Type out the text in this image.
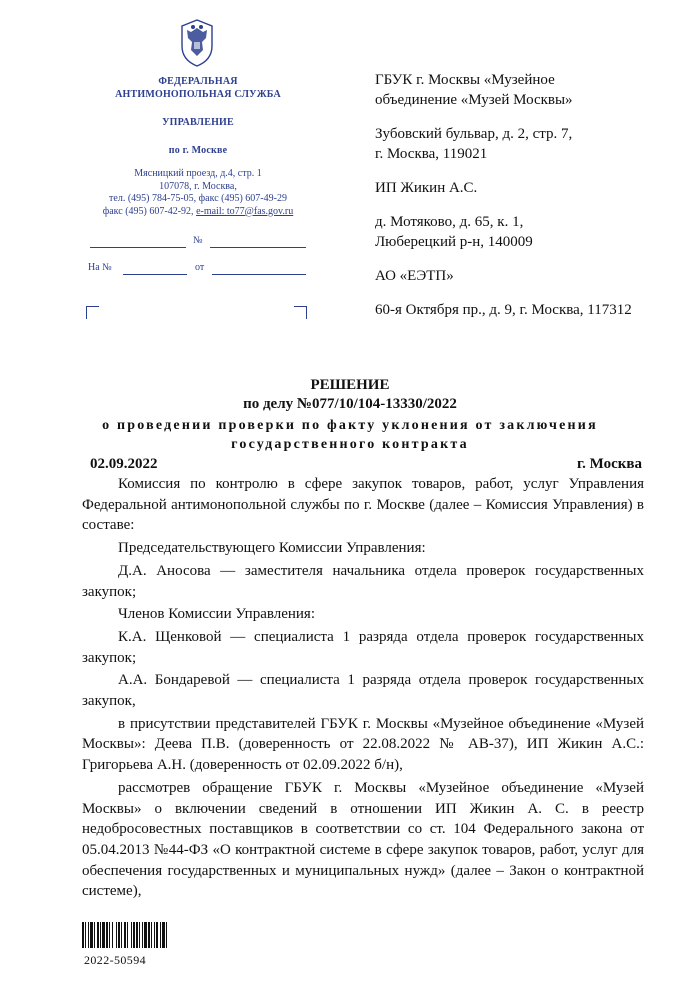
ФЕДЕРАЛЬНАЯ
АНТИМОНОПОЛЬНАЯ СЛУЖБА
УПРАВЛЕНИЕ
по г. Москве
Мясницкий проезд, д.4, стр. 1
107078, г. Москва,
тел. (495) 784-75-05, факс (495) 607-49-29
факс (495) 607-42-92, e-mail: to77@fas.gov.ru
№
На №	от

ГБУК г. Москвы «Музейное
объединение «Музей Москвы»

Зубовский бульвар, д. 2, стр. 7,
г. Москва, 119021

ИП Жикин А.С.

д. Мотяково, д. 65, к. 1,
Люберецкий р-н, 140009

АО «ЕЭТП»

60-я Октября пр., д. 9, г. Москва, 117312

РЕШЕНИЕ
по делу №077/10/104-13330/2022
о проведении проверки по факту уклонения от заключения
государственного контракта
02.09.2022	г. Москва

Комиссия по контролю в сфере закупок товаров, работ, услуг Управления Федеральной антимонопольной службы по г. Москве (далее – Комиссия Управления) в составе:

Председательствующего Комиссии Управления:

Д.А. Аносова — заместителя начальника отдела проверок государственных закупок;

Членов Комиссии Управления:

К.А. Щенковой — специалиста 1 разряда отдела проверок государственных закупок;

А.А. Бондаревой — специалиста 1 разряда отдела проверок государственных закупок,

в присутствии представителей ГБУК г. Москвы «Музейное объединение «Музей Москвы»: Деева П.В. (доверенность от 22.08.2022 № АВ-37), ИП Жикин А.С.: Григорьева А.Н. (доверенность от 02.09.2022 б/н),

рассмотрев обращение ГБУК г. Москвы «Музейное объединение «Музей Москвы» о включении сведений в отношении ИП Жикин А. С. в реестр недобросовестных поставщиков в соответствии со ст. 104 Федерального закона от 05.04.2013 №44-ФЗ «О контрактной системе в сфере закупок товаров, работ, услуг для обеспечения государственных и муниципальных нужд» (далее – Закон о контрактной системе),

2022-50594
